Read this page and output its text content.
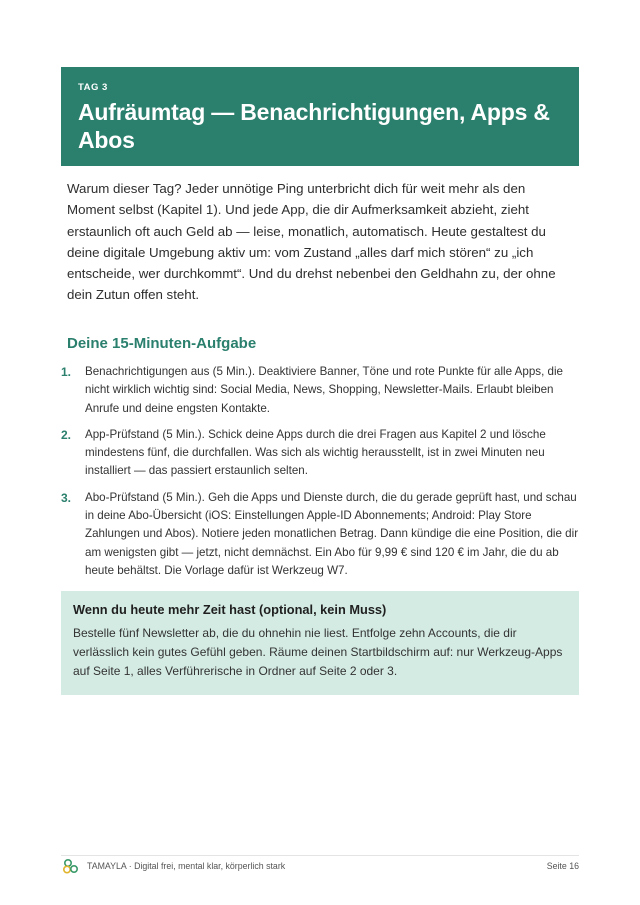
TAG 3
Aufräumtag — Benachrichtigungen, Apps & Abos

Warum dieser Tag? Jeder unnötige Ping unterbricht dich für weit mehr als den Moment selbst (Kapitel 1). Und jede App, die dir Aufmerksamkeit abzieht, zieht erstaunlich oft auch Geld ab — leise, monatlich, automatisch. Heute gestaltest du deine digitale Umgebung aktiv um: vom Zustand „alles darf mich stören“ zu „ich entscheide, wer durchkommt“. Und du drehst nebenbei den Geldhahn zu, der ohne dein Zutun offen steht.

Deine 15-Minuten-Aufgabe
1.	Benachrichtigungen aus (5 Min.). Deaktiviere Banner, Töne und rote Punkte für alle Apps, die nicht wirklich wichtig sind: Social Media, News, Shopping, Newsletter-Mails. Erlaubt bleiben Anrufe und deine engsten Kontakte.
2.	App-Prüfstand (5 Min.). Schick deine Apps durch die drei Fragen aus Kapitel 2 und lösche mindestens fünf, die durchfallen. Was sich als wichtig herausstellt, ist in zwei Minuten neu installiert — das passiert erstaunlich selten.
3.	Abo-Prüfstand (5 Min.). Geh die Apps und Dienste durch, die du gerade geprüft hast, und schau in deine Abo-Übersicht (iOS: Einstellungen Apple-ID Abonnements; Android: Play Store Zahlungen und Abos). Notiere jeden monatlichen Betrag. Dann kündige die eine Position, die dir am wenigsten gibt — jetzt, nicht demnächst. Ein Abo für 9,99 € sind 120 € im Jahr, die du ab heute behältst. Die Vorlage dafür ist Werkzeug W7.
Wenn du heute mehr Zeit hast (optional, kein Muss)

Bestelle fünf Newsletter ab, die du ohnehin nie liest. Entfolge zehn Accounts, die dir verlässlich kein gutes Gefühl geben. Räume deinen Startbildschirm auf: nur Werkzeug-Apps auf Seite 1, alles Verführerische in Ordner auf Seite 2 oder 3.

TAMAYLA · Digital frei, mental klar, körperlich stark	Seite 16
